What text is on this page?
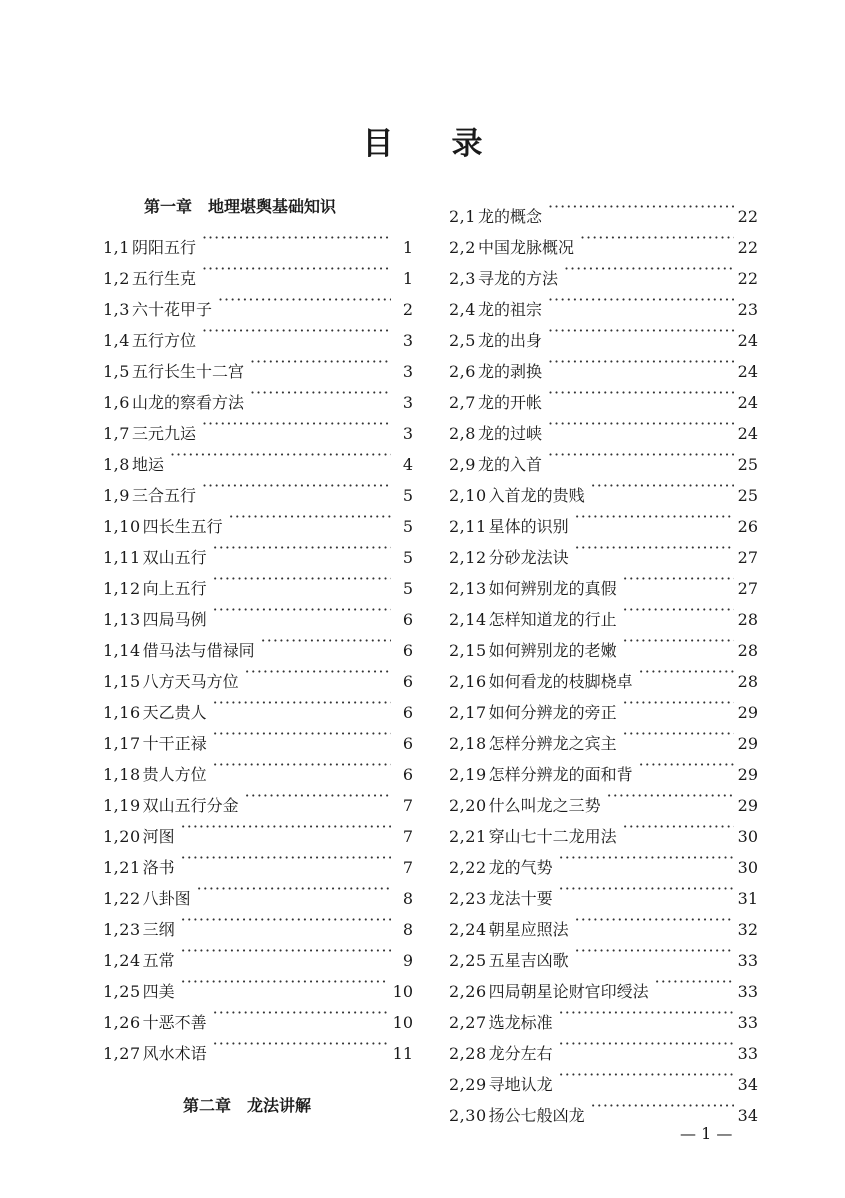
目录
第一章　地理堪舆基础知识
1,1 阴阳五行 ·····	1
1,2 五行生克 ·····	1
1,3 六十花甲子 ·····	2
1,4 五行方位 ·····	3
1,5 五行长生十二宫 ·····	3
1,6 山龙的察看方法 ·····	3
1,7 三元九运 ·····	3
1,8 地运 ·····	4
1,9 三合五行 ·····	5
1,10 四长生五行 ·····	5
1,11 双山五行 ·····	5
1,12 向上五行 ·····	5
1,13 四局马例 ·····	6
1,14 借马法与借禄同 ·····	6
1,15 八方天马方位 ·····	6
1,16 天乙贵人 ·····	6
1,17 十干正禄 ·····	6
1,18 贵人方位 ·····	6
1,19 双山五行分金 ·····	7
1,20 河图 ·····	7
1,21 洛书 ·····	7
1,22 八卦图 ·····	8
1,23 三纲 ·····	8
1,24 五常 ·····	9
1,25 四美 ·····	10
1,26 十恶不善 ·····	10
1,27 风水术语 ·····	11
2,1 龙的概念 ·····	22
2,2 中国龙脉概况 ·····	22
2,3 寻龙的方法 ·····	22
2,4 龙的祖宗 ·····	23
2,5 龙的出身 ·····	24
2,6 龙的剥换 ·····	24
2,7 龙的开帐 ·····	24
2,8 龙的过峡 ·····	24
2,9 龙的入首 ·····	25
2,10 入首龙的贵贱 ·····	25
2,11 星体的识别 ·····	26
2,12 分砂龙法诀 ·····	27
2,13 如何辨别龙的真假 ·····	27
2,14 怎样知道龙的行止 ·····	28
2,15 如何辨别龙的老嫩 ·····	28
2,16 如何看龙的枝脚桡卓 ·····	28
2,17 如何分辨龙的旁正 ·····	29
2,18 怎样分辨龙之宾主 ·····	29
2,19 怎样分辨龙的面和背 ·····	29
2,20 什么叫龙之三势 ·····	29
2,21 穿山七十二龙用法 ·····	30
2,22 龙的气势 ·····	30
2,23 龙法十要 ·····	31
2,24 朝星应照法 ·····	32
2,25 五星吉凶歌 ·····	33
2,26 四局朝星论财官印绶法 ·····	33
2,27 选龙标准 ·····	33
2,28 龙分左右 ·····	33
2,29 寻地认龙 ·····	34
2,30 扬公七般凶龙 ·····	34
第二章　龙法讲解
— 1 —
